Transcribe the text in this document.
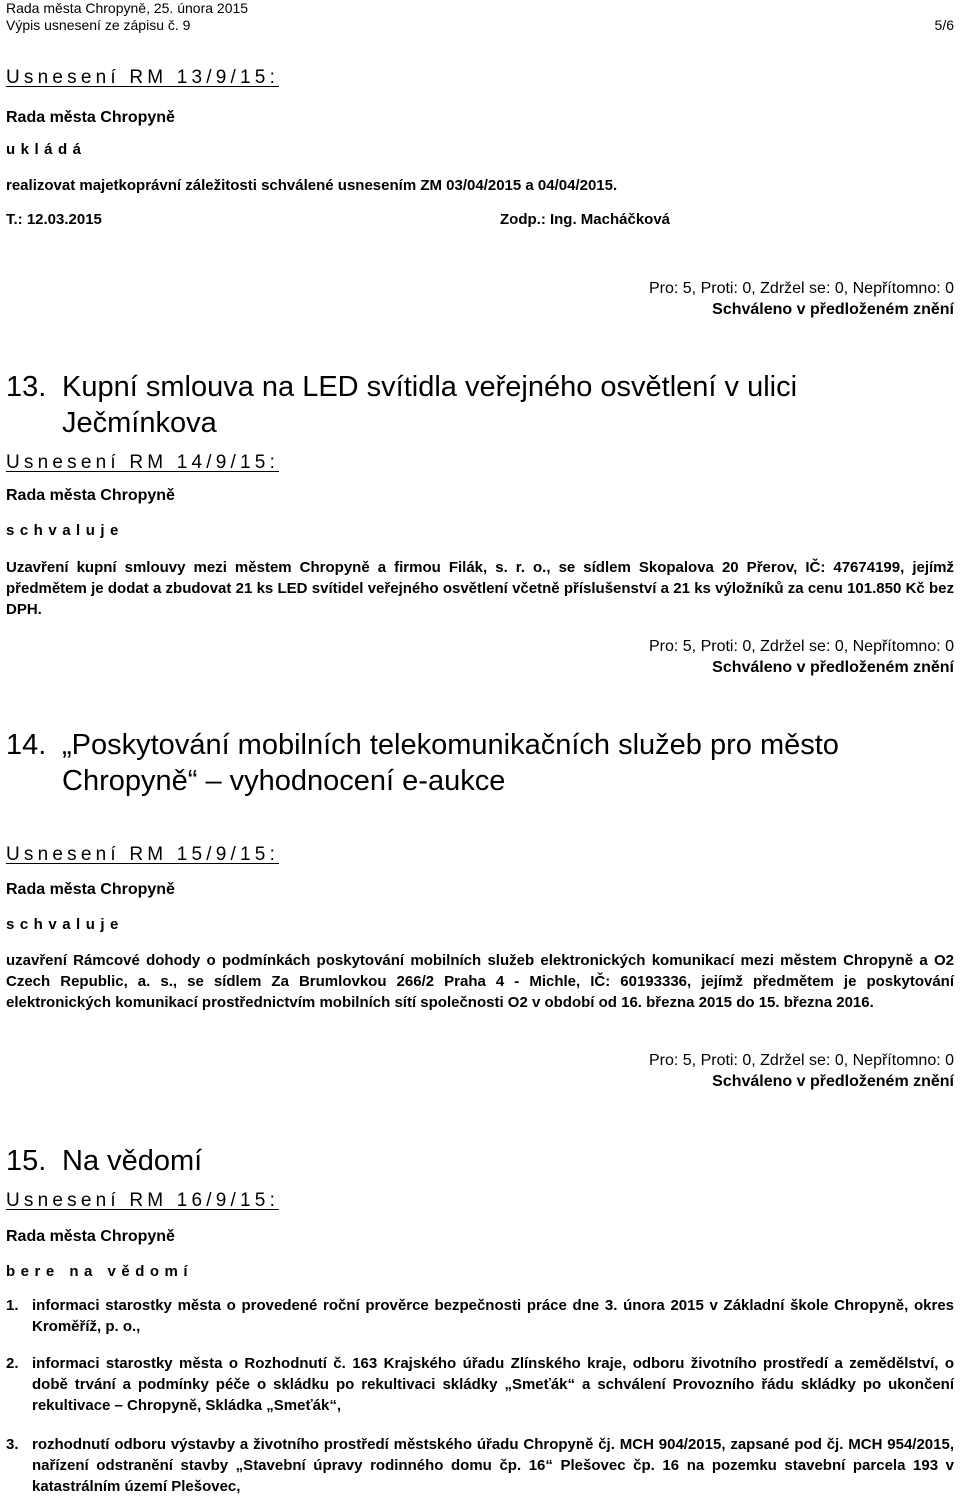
Rada města Chropyně, 25. února 2015
Výpis usnesení ze zápisu č. 9	5/6
Usnesení RM 13/9/15:
Rada města Chropyně
ukládá
realizovat majetkoprávní záležitosti schválené usnesením ZM 03/04/2015 a 04/04/2015.
T.: 12.03.2015	Zodp.: Ing. Macháčková
Pro: 5, Proti: 0, Zdržel se: 0, Nepřítomno: 0
Schváleno v předloženém znění
13. Kupní smlouva na LED svítidla veřejného osvětlení v ulici Ječmínkova
Usnesení RM 14/9/15:
Rada města Chropyně
schvaluje
Uzavření kupní smlouvy mezi městem Chropyně a firmou Filák, s. r. o., se sídlem Skopalova 20 Přerov, IČ: 47674199, jejímž předmětem je dodat a zbudovat 21 ks LED svítidel veřejného osvětlení včetně příslušenství a 21 ks výložníků za cenu 101.850 Kč bez DPH.
Pro: 5, Proti: 0, Zdržel se: 0, Nepřítomno: 0
Schváleno v předloženém znění
14. „Poskytování mobilních telekomunikačních služeb pro město Chropyně“ – vyhodnocení e-aukce
Usnesení RM 15/9/15:
Rada města Chropyně
schvaluje
uzavření Rámcové dohody o podmínkách poskytování mobilních služeb elektronických komunikací mezi městem Chropyně a O2 Czech Republic, a. s., se sídlem Za Brumlovkou 266/2 Praha 4 - Michle, IČ: 60193336, jejímž předmětem je poskytování elektronických komunikací prostřednictvím mobilních sítí společnosti O2 v období od 16. března 2015 do 15. března 2016.
Pro: 5, Proti: 0, Zdržel se: 0, Nepřítomno: 0
Schváleno v předloženém znění
15. Na vědomí
Usnesení RM 16/9/15:
Rada města Chropyně
bere na vědomí
1. informaci starostky města o provedené roční prověrce bezpečnosti práce dne 3. února 2015 v Základní škole Chropyně, okres Kroměříž, p. o.,
2. informaci starostky města o Rozhodnutí č. 163 Krajského úřadu Zlínského kraje, odboru životního prostředí a zemědělství, o době trvání a podmínky péče o skládku po rekultivaci skládky „Smeťák“ a schválení Provozního řádu skládky po ukončení rekultivace – Chropyně, Skládka „Smeťák“,
3. rozhodnutí odboru výstavby a životního prostředí městského úřadu Chropyně čj. MCH 904/2015, zapsané pod čj. MCH 954/2015, nařízení odstranění stavby „Stavební úpravy rodinného domu čp. 16“ Plešovec čp. 16 na pozemku stavební parcela 193 v katastrálním území Plešovec,
